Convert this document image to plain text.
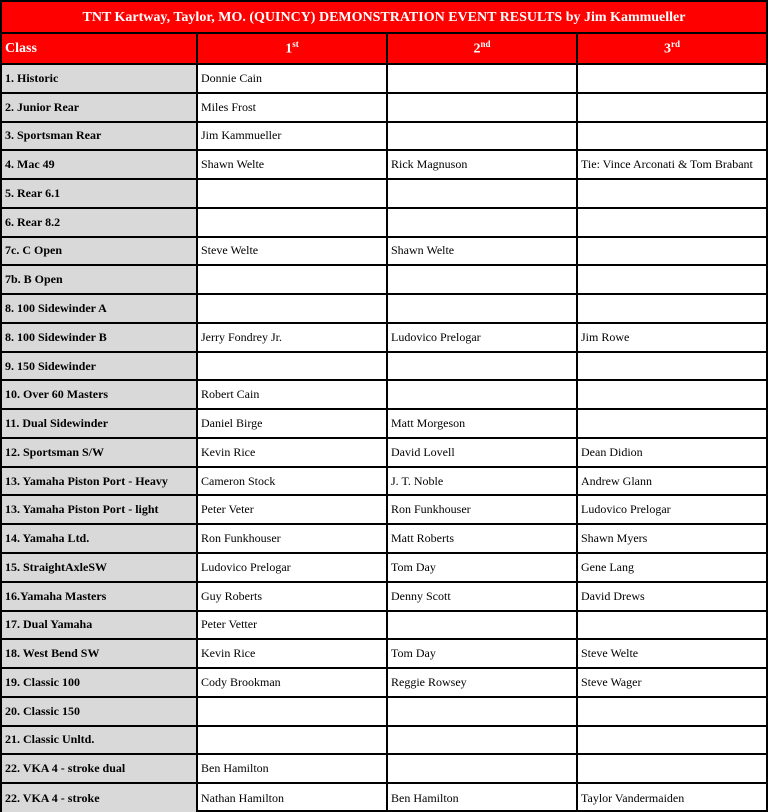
TNT Kartway, Taylor, MO. (QUINCY) DEMONSTRATION EVENT RESULTS by Jim Kammueller
Class	1st	2nd	3rd
1. Historic	Donnie Cain		
2. Junior Rear	Miles Frost		
3. Sportsman Rear	Jim Kammueller		
4. Mac 49	Shawn Welte	Rick Magnuson	Tie: Vince Arconati & Tom Brabant
5. Rear 6.1			
6. Rear 8.2			
7c. C Open	Steve Welte	Shawn Welte	
7b. B Open			
8. 100 Sidewinder A			
8. 100 Sidewinder B	Jerry Fondrey Jr.	Ludovico Prelogar	Jim Rowe
9. 150 Sidewinder			
10. Over 60 Masters	Robert Cain		
11. Dual Sidewinder	Daniel Birge	Matt Morgeson	
12. Sportsman S/W	Kevin Rice	David Lovell	Dean Didion
13. Yamaha Piston Port - Heavy	Cameron Stock	J. T. Noble	Andrew Glann
13. Yamaha Piston Port - light	Peter Veter	Ron Funkhouser	Ludovico Prelogar
14. Yamaha Ltd.	Ron Funkhouser	Matt Roberts	Shawn Myers
15. StraightAxleSW	Ludovico Prelogar	Tom Day	Gene Lang
16.Yamaha Masters	Guy Roberts	Denny Scott	David Drews
17. Dual Yamaha	Peter Vetter		
18. West Bend SW	Kevin Rice	Tom Day	Steve Welte
19. Classic 100	Cody Brookman	Reggie Rowsey	Steve Wager
20. Classic 150			
21. Classic Unltd.			
22. VKA 4 - stroke dual	Ben Hamilton		
22. VKA 4 - stroke	Nathan Hamilton	Ben Hamilton	Taylor Vandermaiden
